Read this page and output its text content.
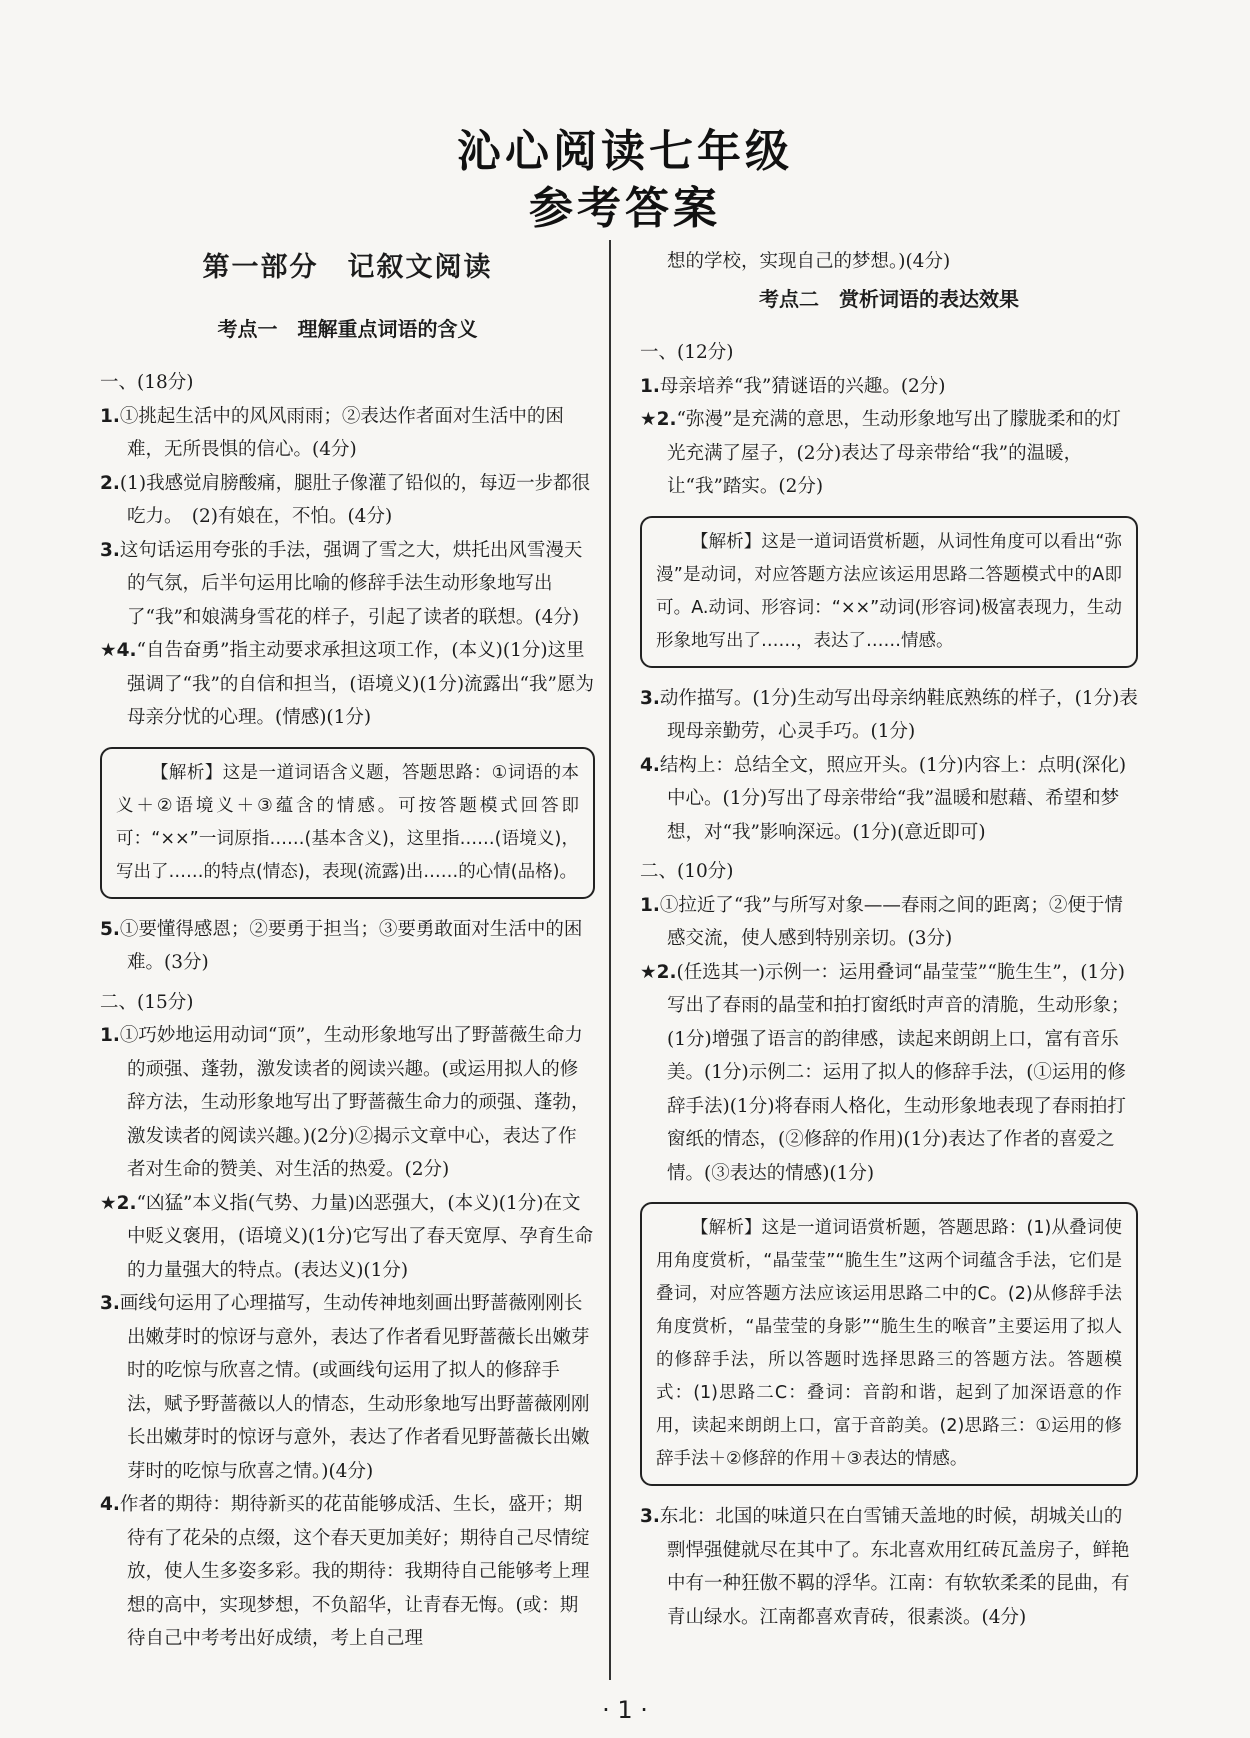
沁心阅读七年级
参考答案
第一部分　记叙文阅读
考点一　理解重点词语的含义
一、(18分)
1.①挑起生活中的风风雨雨；②表达作者面对生活中的困难，无所畏惧的信心。(4分)
2.(1)我感觉肩膀酸痛，腿肚子像灌了铅似的，每迈一步都很吃力。　(2)有娘在，不怕。(4分)
3.这句话运用夸张的手法，强调了雪之大，烘托出风雪漫天的气氛，后半句运用比喻的修辞手法生动形象地写出了“我”和娘满身雪花的样子，引起了读者的联想。(4分)
★4.“自告奋勇”指主动要求承担这项工作，(本义)(1分)这里强调了“我”的自信和担当，(语境义)(1分)流露出“我”愿为母亲分忧的心理。(情感)(1分)

【解析】这是一道词语含义题，答题思路：①词语的本义＋②语境义＋③蕴含的情感。可按答题模式回答即可：“××”一词原指……(基本含义)，这里指……(语境义)，写出了……的特点(情态)，表现(流露)出……的心情(品格)。

5.①要懂得感恩；②要勇于担当；③要勇敢面对生活中的困难。(3分)
二、(15分)
1.①巧妙地运用动词“顶”，生动形象地写出了野蔷薇生命力的顽强、蓬勃，激发读者的阅读兴趣。(或运用拟人的修辞方法，生动形象地写出了野蔷薇生命力的顽强、蓬勃，激发读者的阅读兴趣。)(2分)②揭示文章中心，表达了作者对生命的赞美、对生活的热爱。(2分)
★2.“凶猛”本义指(气势、力量)凶恶强大，(本义)(1分)在文中贬义褒用，(语境义)(1分)它写出了春天宽厚、孕育生命的力量强大的特点。(表达义)(1分)
3.画线句运用了心理描写，生动传神地刻画出野蔷薇刚刚长出嫩芽时的惊讶与意外，表达了作者看见野蔷薇长出嫩芽时的吃惊与欣喜之情。(或画线句运用了拟人的修辞手法，赋予野蔷薇以人的情态，生动形象地写出野蔷薇刚刚长出嫩芽时的惊讶与意外，表达了作者看见野蔷薇长出嫩芽时的吃惊与欣喜之情。)(4分)
4.作者的期待：期待新买的花苗能够成活、生长，盛开；期待有了花朵的点缀，这个春天更加美好；期待自己尽情绽放，使人生多姿多彩。我的期待：我期待自己能够考上理想的高中，实现梦想，不负韶华，让青春无悔。(或：期待自己中考考出好成绩，考上自己理
想的学校，实现自己的梦想。)(4分)
考点二　赏析词语的表达效果
一、(12分)
1.母亲培养“我”猜谜语的兴趣。(2分)
★2.“弥漫”是充满的意思，生动形象地写出了朦胧柔和的灯光充满了屋子，(2分)表达了母亲带给“我”的温暖，让“我”踏实。(2分)

【解析】这是一道词语赏析题，从词性角度可以看出“弥漫”是动词，对应答题方法应该运用思路二答题模式中的A即可。A.动词、形容词：“××”动词(形容词)极富表现力，生动形象地写出了……，表达了……情感。

3.动作描写。(1分)生动写出母亲纳鞋底熟练的样子，(1分)表现母亲勤劳，心灵手巧。(1分)
4.结构上：总结全文，照应开头。(1分)内容上：点明(深化)中心。(1分)写出了母亲带给“我”温暖和慰藉、希望和梦想，对“我”影响深远。(1分)(意近即可)
二、(10分)
1.①拉近了“我”与所写对象——春雨之间的距离；②便于情感交流，使人感到特别亲切。(3分)
★2.(任选其一)示例一：运用叠词“晶莹莹”“脆生生”，(1分)写出了春雨的晶莹和拍打窗纸时声音的清脆，生动形象；(1分)增强了语言的韵律感，读起来朗朗上口，富有音乐美。(1分)示例二：运用了拟人的修辞手法，(①运用的修辞手法)(1分)将春雨人格化，生动形象地表现了春雨拍打窗纸的情态，(②修辞的作用)(1分)表达了作者的喜爱之情。(③表达的情感)(1分)

【解析】这是一道词语赏析题，答题思路：(1)从叠词使用角度赏析，“晶莹莹”“脆生生”这两个词蕴含手法，它们是叠词，对应答题方法应该运用思路二中的C。(2)从修辞手法角度赏析，“晶莹莹的身影”“脆生生的喉音”主要运用了拟人的修辞手法，所以答题时选择思路三的答题方法。答题模式：(1)思路二C：叠词：音韵和谐，起到了加深语意的作用，读起来朗朗上口，富于音韵美。(2)思路三：①运用的修辞手法＋②修辞的作用＋③表达的情感。

3.东北：北国的味道只在白雪铺天盖地的时候，胡城关山的剽悍强健就尽在其中了。东北喜欢用红砖瓦盖房子，鲜艳中有一种狂傲不羁的浮华。江南：有软软柔柔的昆曲，有青山绿水。江南都喜欢青砖，很素淡。(4分)
· 1 ·
